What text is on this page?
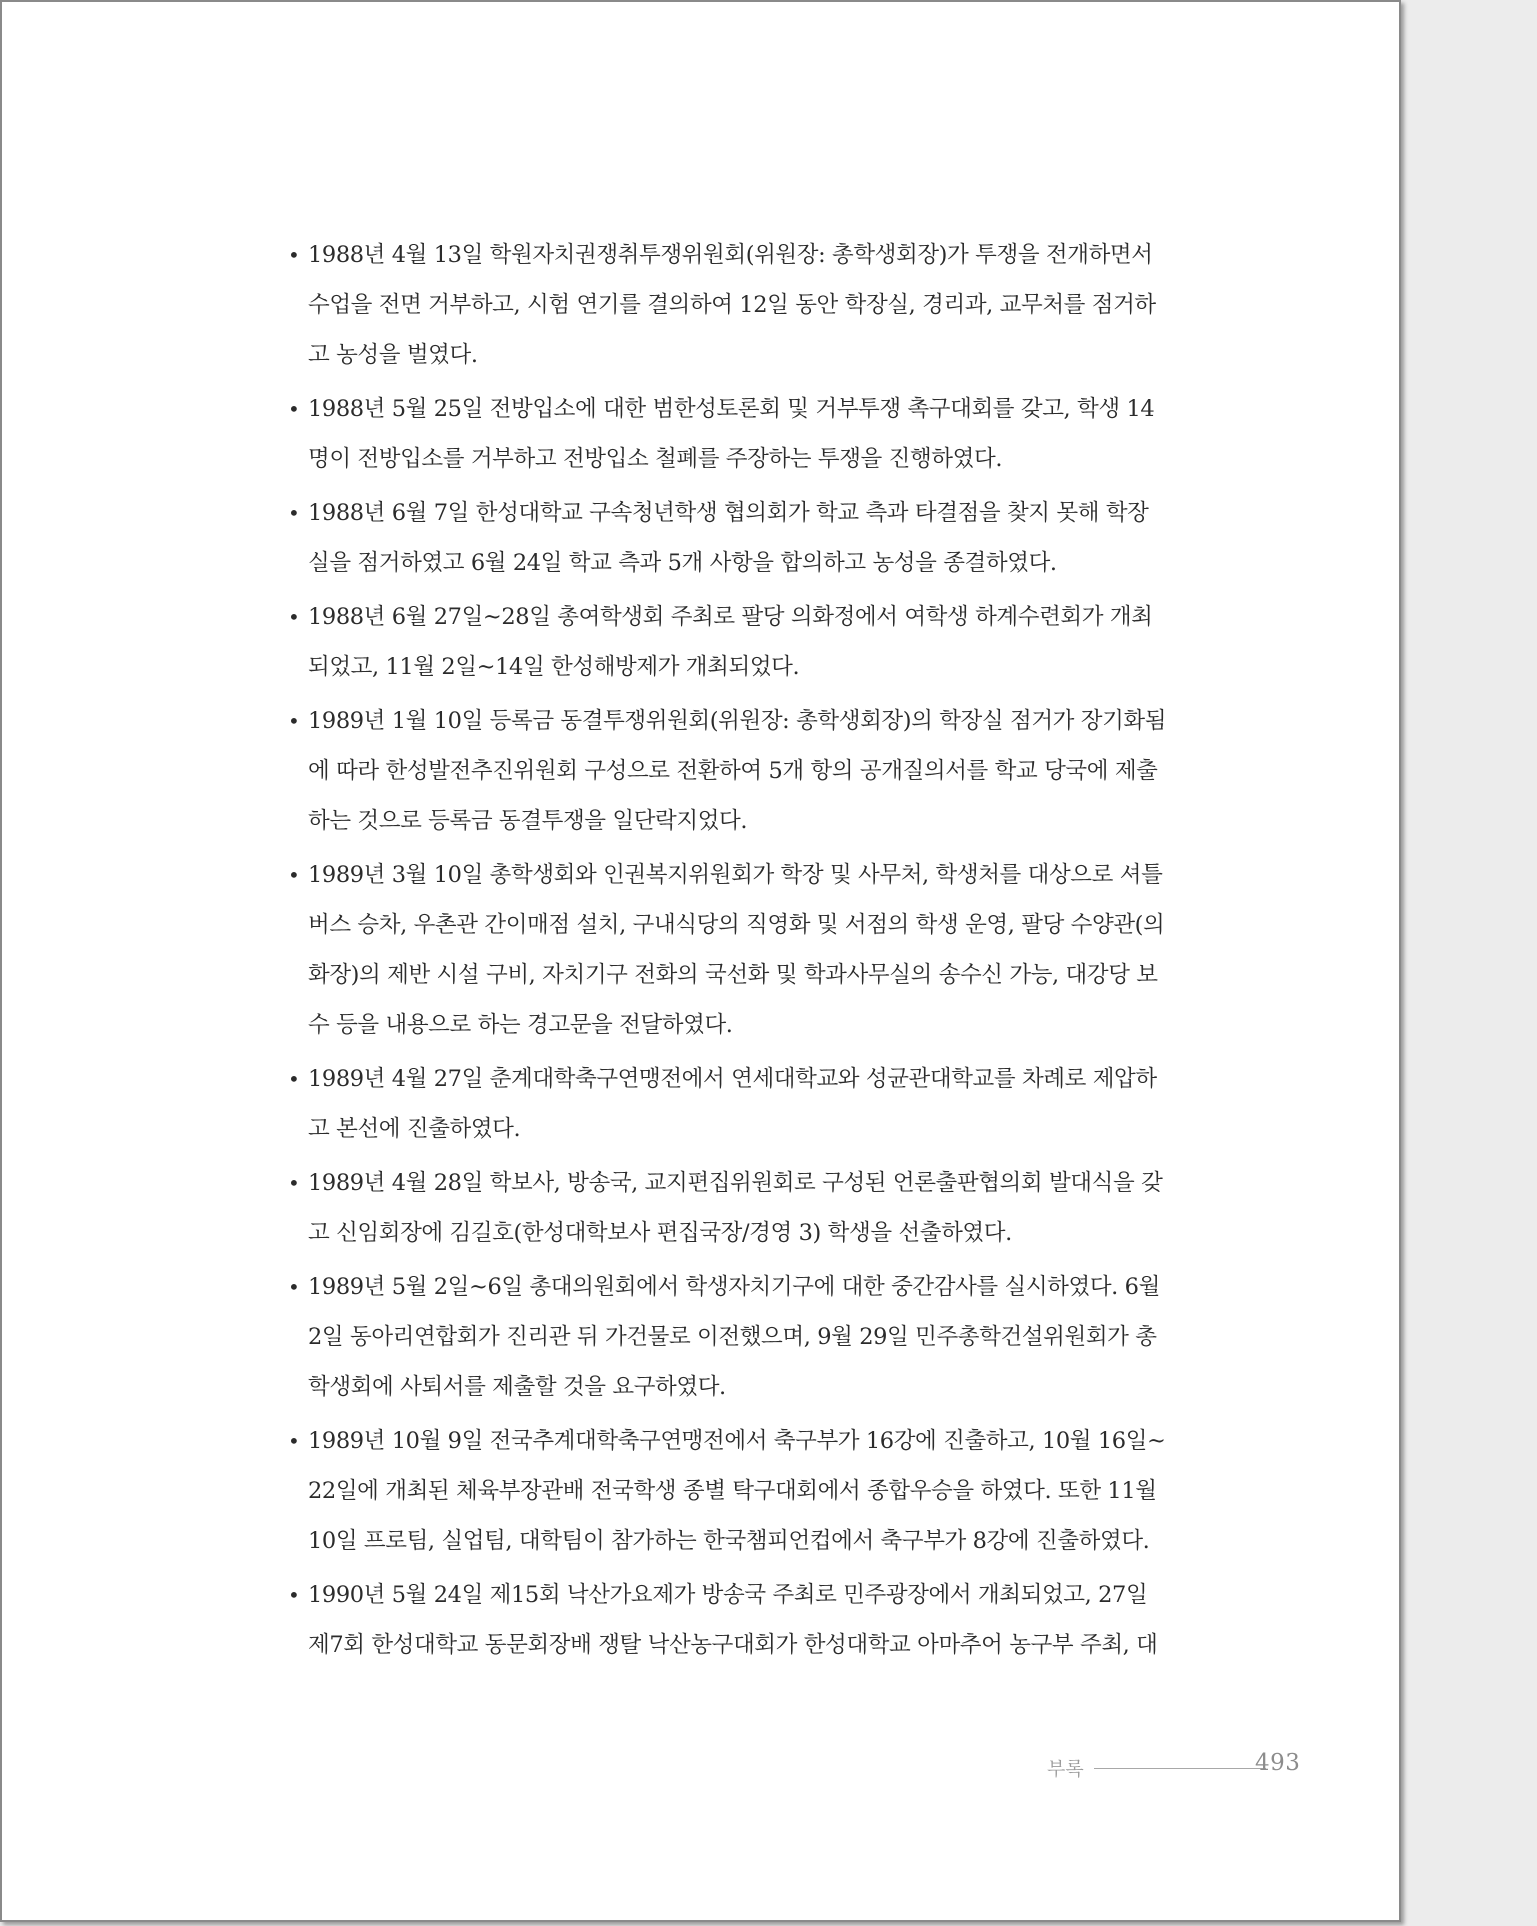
• 1988년 4월 13일 학원자치권쟁취투쟁위원회(위원장: 총학생회장)가 투쟁을 전개하면서
수업을 전면 거부하고, 시험 연기를 결의하여 12일 동안 학장실, 경리과, 교무처를 점거하
고 농성을 벌였다.
• 1988년 5월 25일 전방입소에 대한 범한성토론회 및 거부투쟁 촉구대회를 갖고, 학생 14
명이 전방입소를 거부하고 전방입소 철폐를 주장하는 투쟁을 진행하였다.
• 1988년 6월 7일 한성대학교 구속청년학생 협의회가 학교 측과 타결점을 찾지 못해 학장
실을 점거하였고 6월 24일 학교 측과 5개 사항을 합의하고 농성을 종결하였다.
• 1988년 6월 27일~28일 총여학생회 주최로 팔당 의화정에서 여학생 하계수련회가 개최
되었고, 11월 2일~14일 한성해방제가 개최되었다.
• 1989년 1월 10일 등록금 동결투쟁위원회(위원장: 총학생회장)의 학장실 점거가 장기화됨
에 따라 한성발전추진위원회 구성으로 전환하여 5개 항의 공개질의서를 학교 당국에 제출
하는 것으로 등록금 동결투쟁을 일단락지었다.
• 1989년 3월 10일 총학생회와 인권복지위원회가 학장 및 사무처, 학생처를 대상으로 셔틀
버스 승차, 우촌관 간이매점 설치, 구내식당의 직영화 및 서점의 학생 운영, 팔당 수양관(의
화장)의 제반 시설 구비, 자치기구 전화의 국선화 및 학과사무실의 송수신 가능, 대강당 보
수 등을 내용으로 하는 경고문을 전달하였다.
• 1989년 4월 27일 춘계대학축구연맹전에서 연세대학교와 성균관대학교를 차례로 제압하
고 본선에 진출하였다.
• 1989년 4월 28일 학보사, 방송국, 교지편집위원회로 구성된 언론출판협의회 발대식을 갖
고 신임회장에 김길호(한성대학보사 편집국장/경영 3) 학생을 선출하였다.
• 1989년 5월 2일~6일 총대의원회에서 학생자치기구에 대한 중간감사를 실시하였다. 6월
2일 동아리연합회가 진리관 뒤 가건물로 이전했으며, 9월 29일 민주총학건설위원회가 총
학생회에 사퇴서를 제출할 것을 요구하였다.
• 1989년 10월 9일 전국추계대학축구연맹전에서 축구부가 16강에 진출하고, 10월 16일~
22일에 개최된 체육부장관배 전국학생 종별 탁구대회에서 종합우승을 하였다. 또한 11월
10일 프로팀, 실업팀, 대학팀이 참가하는 한국챔피언컵에서 축구부가 8강에 진출하였다.
• 1990년 5월 24일 제15회 낙산가요제가 방송국 주최로 민주광장에서 개최되었고, 27일
제7회 한성대학교 동문회장배 쟁탈 낙산농구대회가 한성대학교 아마추어 농구부 주최, 대
부록	493
